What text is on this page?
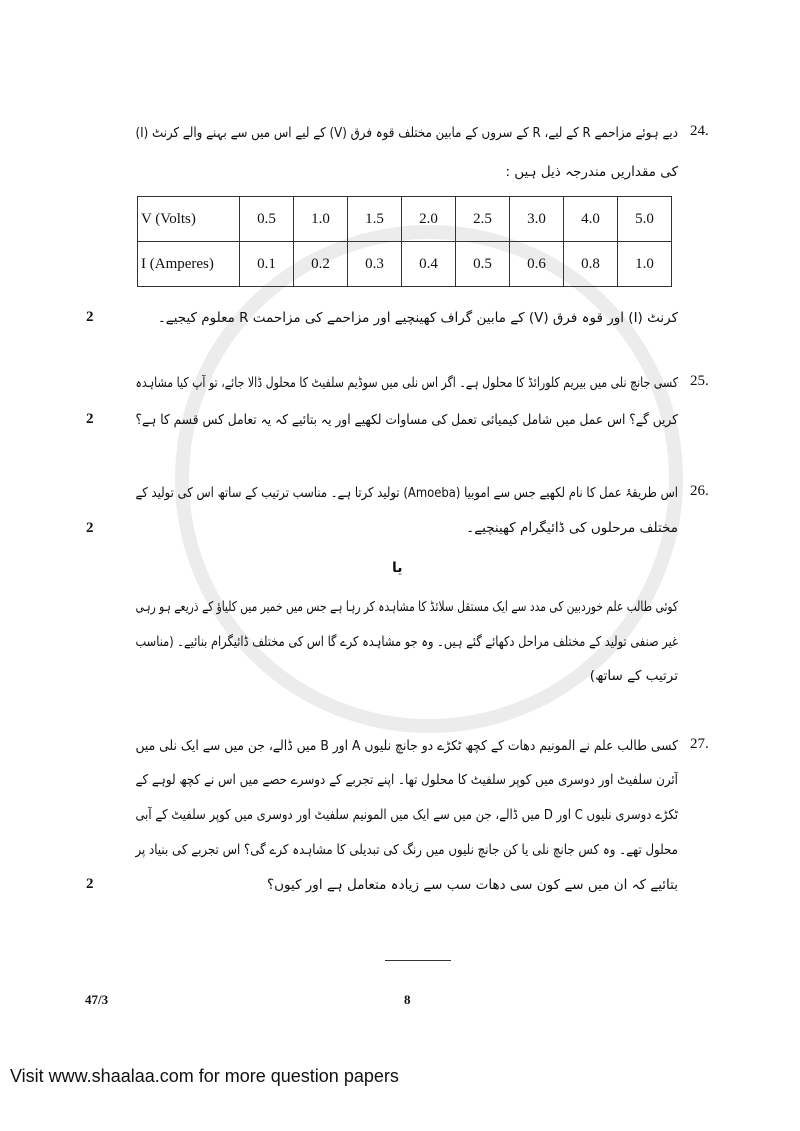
24.
دیے ہوئے مزاحمے R کے لیے، R کے سروں کے مابین مختلف قوہ فرق (V) کے لیے اس میں سے بہنے والے کرنٹ (I)
کی مقداریں مندرجہ ذیل ہیں :
V (Volts)	0.5	1.0	1.5	2.0	2.5	3.0	4.0	5.0
I (Amperes)	0.1	0.2	0.3	0.4	0.5	0.6	0.8	1.0
کرنٹ (I) اور قوہ فرق (V) کے مابین گراف کھینچیے اور مزاحمے کی مزاحمت R معلوم کیجیے۔
2
25.
کسی جانچ نلی میں بیریم کلورائڈ کا محلول ہے۔ اگر اس نلی میں سوڈیم سلفیٹ کا محلول ڈالا جائے، تو آپ کیا مشاہدہ
کریں گے؟ اس عمل میں شامل کیمیائی تعمل کی مساوات لکھیے اور یہ بتائیے کہ یہ تعامل کس قسم کا ہے؟
2
26.
اس طریقۂ عمل کا نام لکھیے جس سے اموبیا (Amoeba) تولید کرتا ہے۔ مناسب ترتیب کے ساتھ اس کی تولید کے
مختلف مرحلوں کی ڈائیگرام کھینچیے۔
2
یا
کوئی طالب علم خوردبین کی مدد سے ایک مستقل سلائڈ کا مشاہدہ کر رہا ہے جس میں خمیر میں کلیاؤ کے ذریعے ہو رہی
غیر صنفی تولید کے مختلف مراحل دکھائے گئے ہیں۔ وہ جو مشاہدہ کرے گا اس کی مختلف ڈائیگرام بنائیے۔ (مناسب
ترتیب کے ساتھ)
27.
کسی طالب علم نے المونیم دھات کے کچھ ٹکڑے دو جانچ نلیوں A اور B میں ڈالے، جن میں سے ایک نلی میں
آئرن سلفیٹ اور دوسری میں کوپر سلفیٹ کا محلول تھا۔ اپنے تجربے کے دوسرے حصے میں اس نے کچھ لوہے کے
ٹکڑے دوسری نلیوں C اور D میں ڈالے، جن میں سے ایک میں المونیم سلفیٹ اور دوسری میں کوپر سلفیٹ کے آبی
محلول تھے۔ وہ کس جانچ نلی یا کن جانچ نلیوں میں رنگ کی تبدیلی کا مشاہدہ کرے گی؟ اس تجربے کی بنیاد پر
بتائیے کہ ان میں سے کون سی دھات سب سے زیادہ متعامل ہے اور کیوں؟
2
47/3	8
Visit www.shaalaa.com for more question papers
